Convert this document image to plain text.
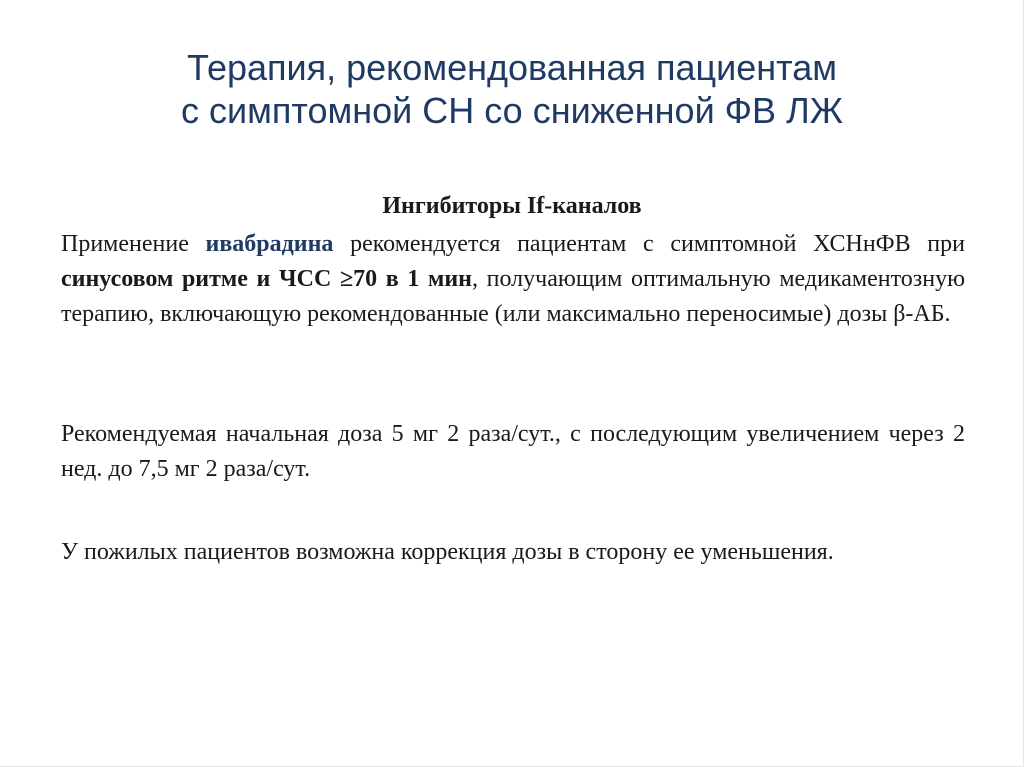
Терапия, рекомендованная пациентам
с симптомной СН со сниженной ФВ ЛЖ
Ингибиторы If-каналов

Применение ивабрадина рекомендуется пациентам с симптомной ХСНнФВ при синусовом ритме и ЧСС ≥70 в 1 мин, получающим оптимальную медикаментозную терапию, включающую рекомендованные (или максимально переносимые) дозы β-АБ.

Рекомендуемая начальная доза 5 мг 2 раза/сут., с последующим увеличением через 2 нед. до 7,5 мг 2 раза/сут.

У пожилых пациентов возможна коррекция дозы в сторону ее уменьшения.
